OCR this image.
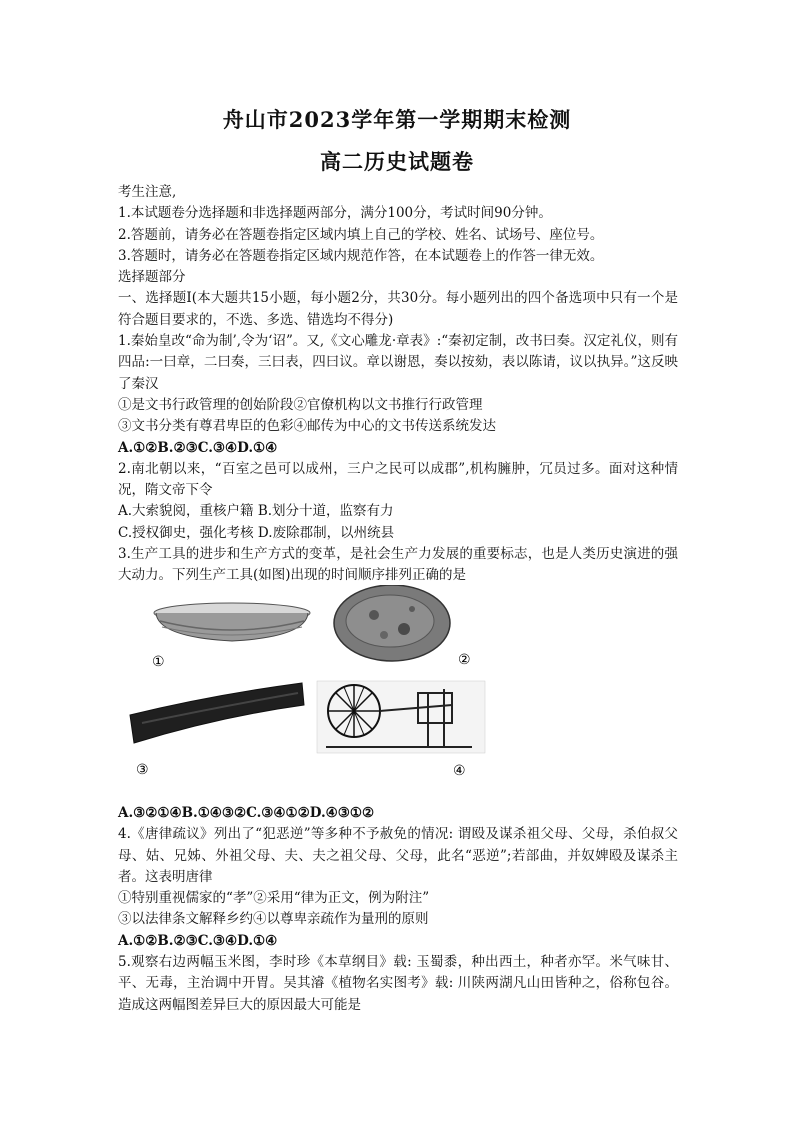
舟山市2023学年第一学期期末检测
高二历史试题卷

考生注意,

1.本试题卷分选择题和非选择题两部分，满分100分，考试时间90分钟。

2.答题前，请务必在答题卷指定区域内填上自己的学校、姓名、试场号、座位号。

3.答题时，请务必在答题卷指定区域内规范作答，在本试题卷上的作答一律无效。

选择题部分

一、选择题I(本大题共15小题，每小题2分，共30分。每小题列出的四个备选项中只有一个是符合题目要求的，不选、多选、错选均不得分)

1.秦始皇改“命为制’,令为‘诏”。又,《文心雕龙·章表》:“秦初定制，改书曰奏。汉定礼仪，则有四品:一曰章，二曰奏，三曰表，四曰议。章以谢恩，奏以按劾，表以陈请，议以执异。”这反映了秦汉

①是文书行政管理的创始阶段②官僚机构以文书推行行政管理

③文书分类有尊君卑臣的色彩④邮传为中心的文书传送系统发达

A.①②B.②③C.③④D.①④

2.南北朝以来，“百室之邑可以成州，三户之民可以成郡”,机构臃肿，冗员过多。面对这种情况，隋文帝下令

A.大索貌阅，重核户籍 B.划分十道，监察有力

C.授权御史，强化考核 D.废除郡制，以州统县

3.生产工具的进步和生产方式的变革，是社会生产力发展的重要标志，也是人类历史演进的强大动力。下列生产工具(如图)出现的时间顺序排列正确的是

①	②
③	④

A.③②①④B.①④③②C.③④①②D.④③①②

4.《唐律疏议》列出了“犯恶逆”等多种不予赦免的情况: 谓殴及谋杀祖父母、父母，杀伯叔父母、姑、兄姊、外祖父母、夫、夫之祖父母、父母，此名“恶逆”;若部曲，并奴婢殴及谋杀主者。这表明唐律

①特别重视儒家的“孝”②采用“律为正文，例为附注”

③以法律条文解释乡约④以尊卑亲疏作为量刑的原则

A.①②B.②③C.③④D.①④

5.观察右边两幅玉米图，李时珍《本草纲目》载: 玉蜀黍，种出西土，种者亦罕。米气味甘、平、无毒，主治调中开胃。吴其濬《植物名实图考》载: 川陕两湖凡山田皆种之，俗称包谷。造成这两幅图差异巨大的原因最大可能是
